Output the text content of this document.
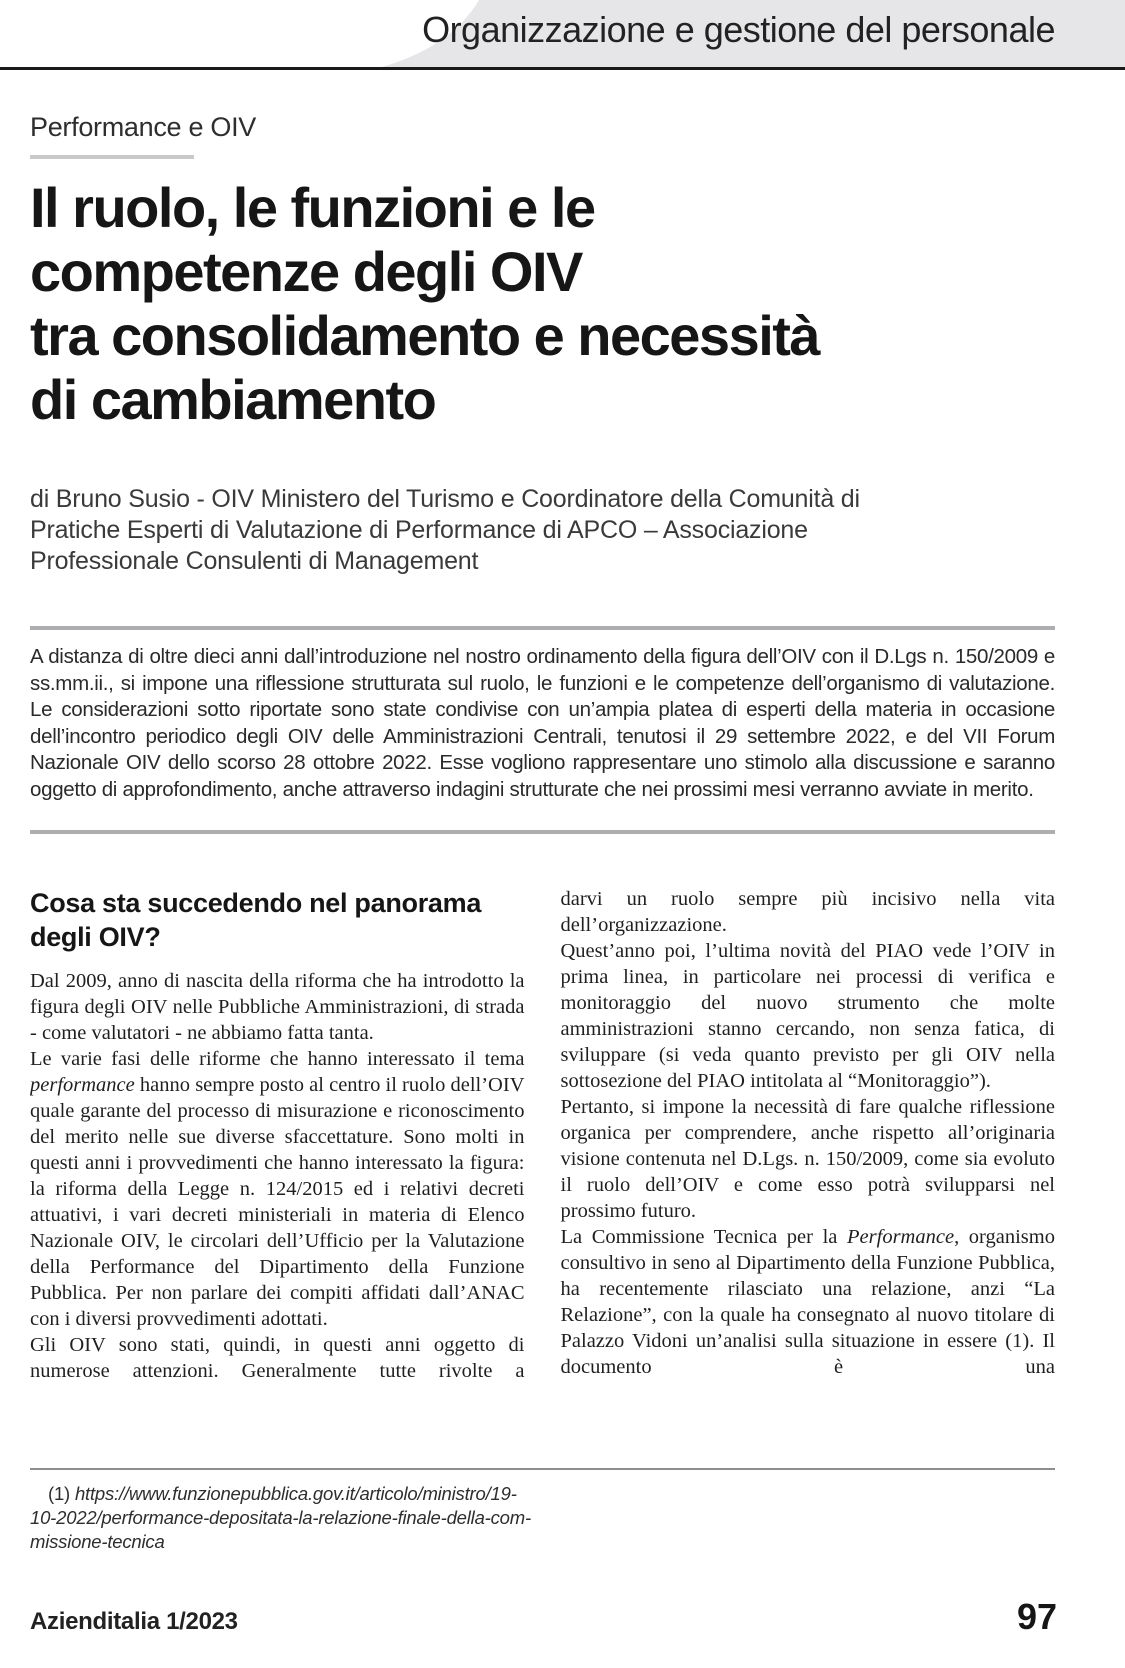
Organizzazione e gestione del personale
Performance e OIV
Il ruolo, le funzioni e le
competenze degli OIV
tra consolidamento e necessità
di cambiamento
di Bruno Susio - OIV Ministero del Turismo e Coordinatore della Comunità di
Pratiche Esperti di Valutazione di Performance di APCO – Associazione
Professionale Consulenti di Management
A distanza di oltre dieci anni dall’introduzione nel nostro ordinamento della figura dell’OIV con il D.Lgs n. 150/2009 e ss.mm.ii., si impone una riflessione strutturata sul ruolo, le funzioni e le competenze dell’organismo di valutazione. Le considerazioni sotto riportate sono state condivise con un’ampia platea di esperti della materia in occasione dell’incontro periodico degli OIV delle Amministrazioni Centrali, tenutosi il 29 settembre 2022, e del VII Forum Nazionale OIV dello scorso 28 ottobre 2022. Esse vogliono rappresentare uno stimolo alla discussione e saranno oggetto di approfondimento, anche attraverso indagini strutturate che nei prossimi mesi verranno avviate in merito.
Cosa sta succedendo nel panorama degli OIV?

Dal 2009, anno di nascita della riforma che ha introdotto la figura degli OIV nelle Pubbliche Amministrazioni, di strada - come valutatori - ne abbiamo fatta tanta.

Le varie fasi delle riforme che hanno interessato il tema performance hanno sempre posto al centro il ruolo dell’OIV quale garante del processo di misurazione e riconoscimento del merito nelle sue diverse sfaccettature. Sono molti in questi anni i provvedimenti che hanno interessato la figura: la riforma della Legge n. 124/2015 ed i relativi decreti attuativi, i vari decreti ministeriali in materia di Elenco Nazionale OIV, le circolari dell’Ufficio per la Valutazione della Performance del Dipartimento della Funzione Pubblica. Per non parlare dei compiti affidati dall’ANAC con i diversi provvedimenti adottati.

Gli OIV sono stati, quindi, in questi anni oggetto di numerose attenzioni. Generalmente tutte rivolte a

darvi un ruolo sempre più incisivo nella vita dell’organizzazione.

Quest’anno poi, l’ultima novità del PIAO vede l’OIV in prima linea, in particolare nei processi di verifica e monitoraggio del nuovo strumento che molte amministrazioni stanno cercando, non senza fatica, di sviluppare (si veda quanto previsto per gli OIV nella sottosezione del PIAO intitolata al “Monitoraggio”).

Pertanto, si impone la necessità di fare qualche riflessione organica per comprendere, anche rispetto all’originaria visione contenuta nel D.Lgs. n. 150/2009, come sia evoluto il ruolo dell’OIV e come esso potrà svilupparsi nel prossimo futuro.

La Commissione Tecnica per la Performance, organismo consultivo in seno al Dipartimento della Funzione Pubblica, ha recentemente rilasciato una relazione, anzi “La Relazione”, con la quale ha consegnato al nuovo titolare di Palazzo Vidoni un’analisi sulla situazione in essere (1). Il documento è una

(1) https://www.funzionepubblica.gov.it/articolo/ministro/19-
10-2022/performance-depositata-la-relazione-finale-della-com-
missione-tecnica
Azienditalia 1/2023	97
